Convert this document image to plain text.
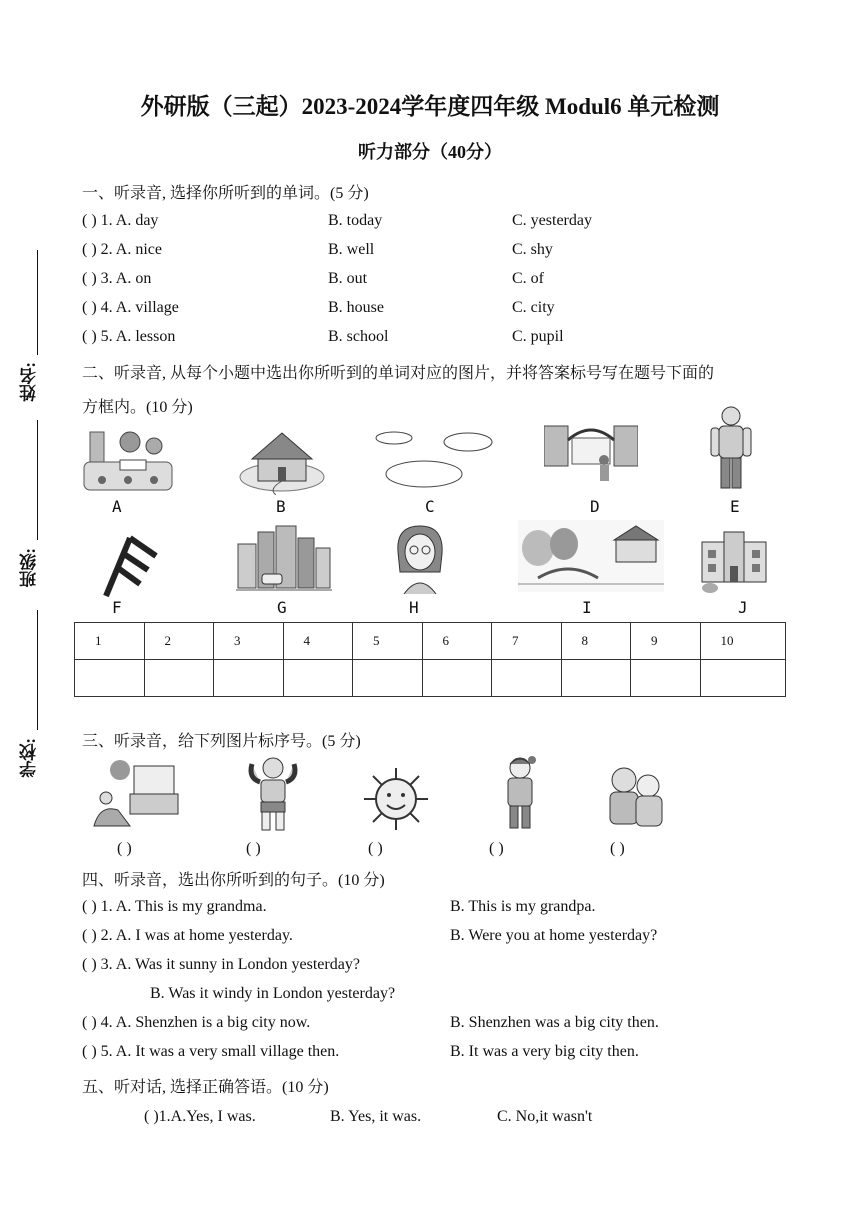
外研版（三起）2023-2024学年度四年级 Modul6 单元检测
听力部分（40分）
姓名:
班级:
学校:
一、听录音, 选择你所听到的单词。(5 分)
( ) 1. A. day	B. today	C. yesterday
( ) 2. A. nice	B. well	C. shy
( ) 3. A. on	B. out	C. of
( ) 4. A. village	B. house	C. city
( ) 5. A. lesson	B. school	C. pupil
二、听录音, 从每个小题中选出你所听到的单词对应的图片，并将答案标号写在题号下面的
方框内。(10 分)
A	B	C	D	E
F	G	H	I	J
1	2	3	4	5	6	7	8	9	10

三、听录音，给下列图片标序号。(5 分)
( )	( )	( )	( )	( )
四、听录音，选出你所听到的句子。(10 分)
( ) 1. A. This is my grandma.	B. This is my grandpa.
( ) 2. A. I was at home yesterday.	B. Were you at home yesterday?
( ) 3. A. Was it sunny in London yesterday?
B. Was it windy in London yesterday?
( ) 4. A. Shenzhen is a big city now.	B. Shenzhen was a big city then.
( ) 5. A. It was a very small village then.	B. It was a very big city then.
五、听对话, 选择正确答语。(10 分)
( )1.A.Yes, I was.	B. Yes, it was.	C. No,it wasn't
